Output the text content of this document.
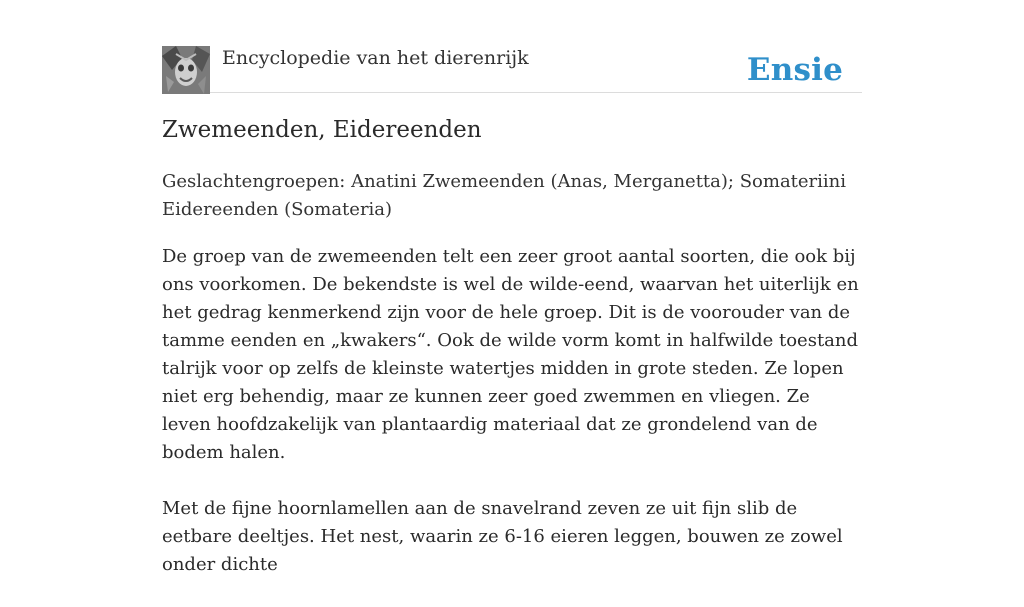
Encyclopedie van het dierenrijk	Ensie
Zwemeenden, Eidereenden

Geslachtengroepen: Anatini Zwemeenden (Anas, Merganetta); Somateriini Eidereenden (Somateria)

De groep van de zwemeenden telt een zeer groot aantal soorten, die ook bij ons voorkomen. De bekendste is wel de wilde-eend, waarvan het uiterlijk en het gedrag kenmerkend zijn voor de hele groep. Dit is de voorouder van de tamme eenden en „kwakers“. Ook de wilde vorm komt in halfwilde toestand talrijk voor op zelfs de kleinste watertjes midden in grote steden. Ze lopen niet erg behendig, maar ze kunnen zeer goed zwemmen en vliegen. Ze leven hoofdzakelijk van plantaardig materiaal dat ze grondelend van de bodem halen.

Met de fijne hoornlamellen aan de snavelrand zeven ze uit fijn slib de eetbare deeltjes. Het nest, waarin ze 6-16 eieren leggen, bouwen ze zowel onder dichte
